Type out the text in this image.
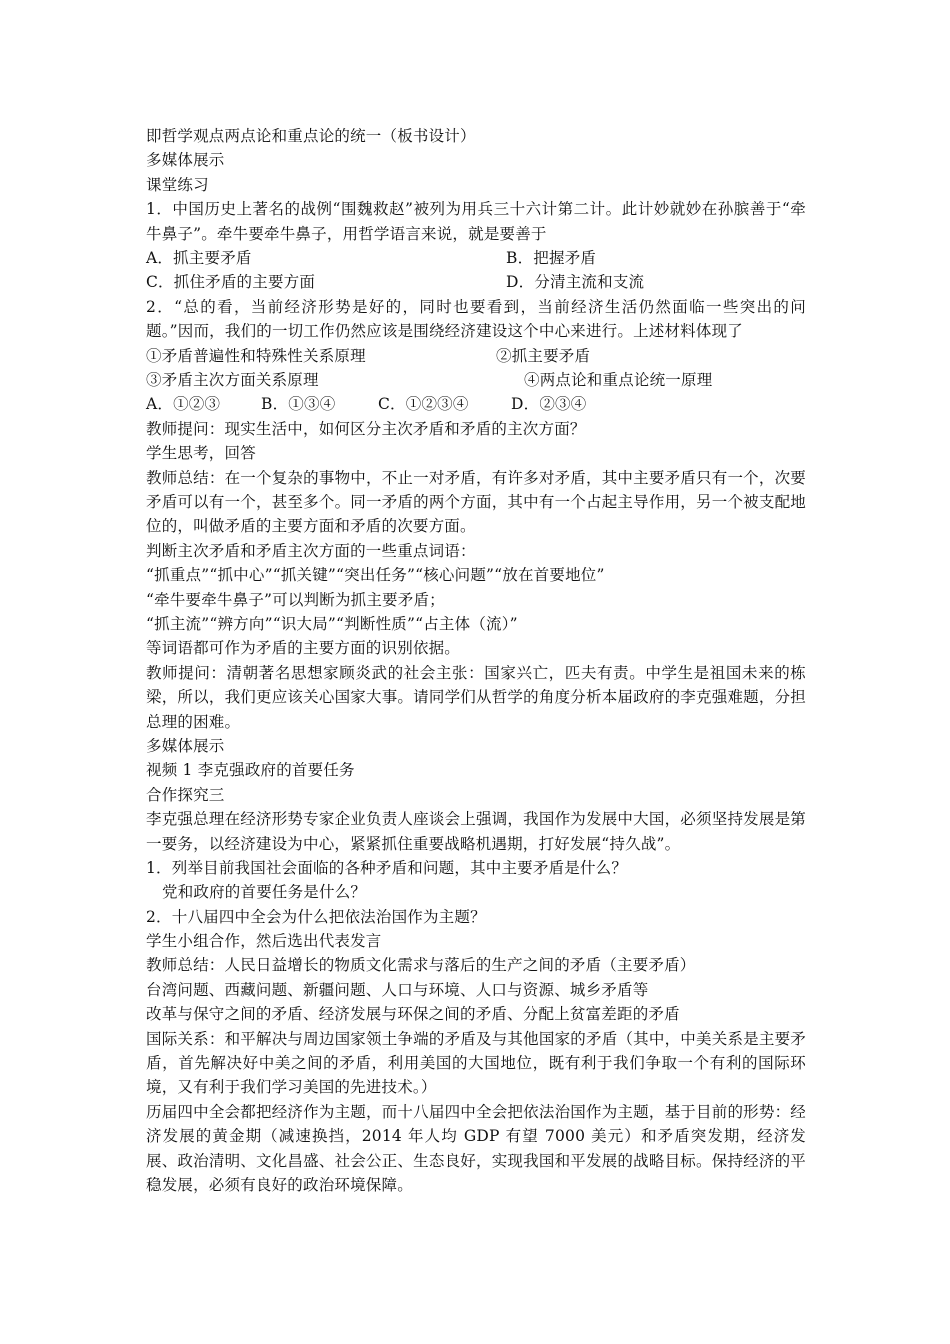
即哲学观点两点论和重点论的统一（板书设计）
多媒体展示
课堂练习
1．中国历史上著名的战例“围魏救赵”被列为用兵三十六计第二计。此计妙就妙在孙膑善于“牵牛鼻子”。牵牛要牵牛鼻子，用哲学语言来说，就是要善于
A．抓主要矛盾	B．把握矛盾
C．抓住矛盾的主要方面	D．分清主流和支流
2．“总的看，当前经济形势是好的，同时也要看到，当前经济生活仍然面临一些突出的问题。”因而，我们的一切工作仍然应该是围绕经济建设这个中心来进行。上述材料体现了
①矛盾普遍性和特殊性关系原理	②抓主要矛盾
③矛盾主次方面关系原理	④两点论和重点论统一原理
A．①②③	B．①③④	C．①②③④	D．②③④
教师提问：现实生活中，如何区分主次矛盾和矛盾的主次方面？
学生思考，回答
教师总结：在一个复杂的事物中，不止一对矛盾，有许多对矛盾，其中主要矛盾只有一个，次要矛盾可以有一个，甚至多个。同一矛盾的两个方面，其中有一个占起主导作用，另一个被支配地位的，叫做矛盾的主要方面和矛盾的次要方面。
判断主次矛盾和矛盾主次方面的一些重点词语：
“抓重点”“抓中心”“抓关键”“突出任务”“核心问题”“放在首要地位”
“牵牛要牵牛鼻子”可以判断为抓主要矛盾；
“抓主流”“辨方向”“识大局”“判断性质”“占主体（流）”
等词语都可作为矛盾的主要方面的识别依据。
教师提问：清朝著名思想家顾炎武的社会主张：国家兴亡，匹夫有责。中学生是祖国未来的栋梁，所以，我们更应该关心国家大事。请同学们从哲学的角度分析本届政府的李克强难题，分担总理的困难。
多媒体展示
视频 1 李克强政府的首要任务
合作探究三
李克强总理在经济形势专家企业负责人座谈会上强调，我国作为发展中大国，必须坚持发展是第一要务，以经济建设为中心，紧紧抓住重要战略机遇期，打好发展“持久战”。
1．列举目前我国社会面临的各种矛盾和问题，其中主要矛盾是什么？
党和政府的首要任务是什么？
2．十八届四中全会为什么把依法治国作为主题？
学生小组合作，然后选出代表发言
教师总结：人民日益增长的物质文化需求与落后的生产之间的矛盾（主要矛盾）
台湾问题、西藏问题、新疆问题、人口与环境、人口与资源、城乡矛盾等
改革与保守之间的矛盾、经济发展与环保之间的矛盾、分配上贫富差距的矛盾
国际关系：和平解决与周边国家领土争端的矛盾及与其他国家的矛盾（其中，中美关系是主要矛盾，首先解决好中美之间的矛盾，利用美国的大国地位，既有利于我们争取一个有利的国际环境，又有利于我们学习美国的先进技术。）
历届四中全会都把经济作为主题，而十八届四中全会把依法治国作为主题，基于目前的形势：经济发展的黄金期（减速换挡，2014 年人均 GDP 有望 7000 美元）和矛盾突发期，经济发展、政治清明、文化昌盛、社会公正、生态良好，实现我国和平发展的战略目标。保持经济的平稳发展，必须有良好的政治环境保障。
